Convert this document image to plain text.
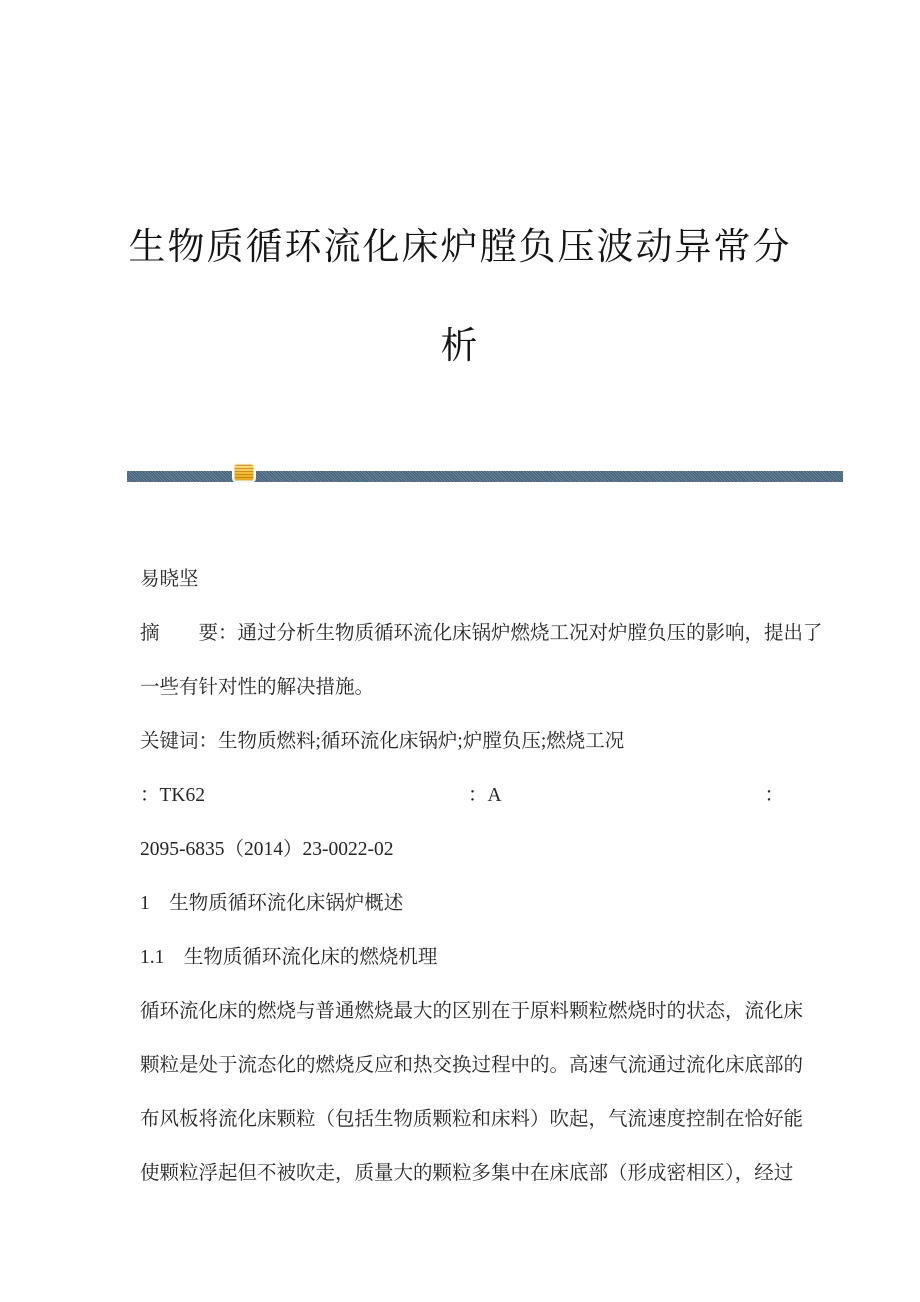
生物质循环流化床炉膛负压波动异常分
析
易晓坚
摘　　要：通过分析生物质循环流化床锅炉燃烧工况对炉膛负压的影响，提出了
一些有针对性的解决措施。
关键词：生物质燃料;循环流化床锅炉;炉膛负压;燃烧工况
：TK62	：A	：
2095-6835（2014）23-0022-02
1　生物质循环流化床锅炉概述
1.1　生物质循环流化床的燃烧机理
循环流化床的燃烧与普通燃烧最大的区别在于原料颗粒燃烧时的状态，流化床
颗粒是处于流态化的燃烧反应和热交换过程中的。高速气流通过流化床底部的
布风板将流化床颗粒（包括生物质颗粒和床料）吹起，气流速度控制在恰好能
使颗粒浮起但不被吹走，质量大的颗粒多集中在床底部（形成密相区），经过
